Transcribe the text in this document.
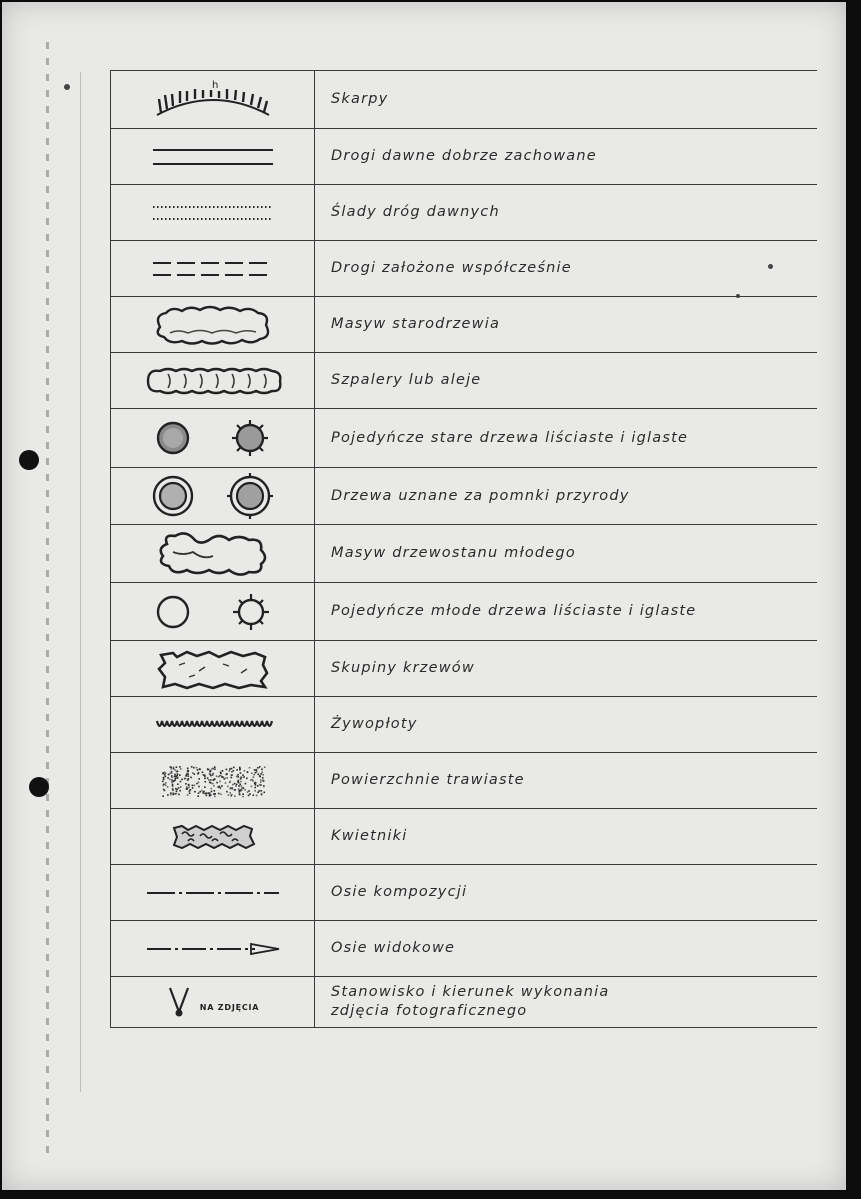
h
Skarpy
Drogi dawne dobrze zachowane
Ślady dróg dawnych
Drogi założone współcześnie
Masyw starodrzewia
Szpalery lub aleje
Pojedyńcze stare drzewa liściaste i iglaste
Drzewa uznane za pomnki przyrody
Masyw drzewostanu młodego
Pojedyńcze młode drzewa liściaste i iglaste
Skupiny krzewów
Żywopłoty
Powierzchnie trawiaste
Kwietniki
Osie kompozycji
Osie widokowe
NA ZDJĘCIA
Stanowisko i kierunek wykonania
zdjęcia fotograficznego
